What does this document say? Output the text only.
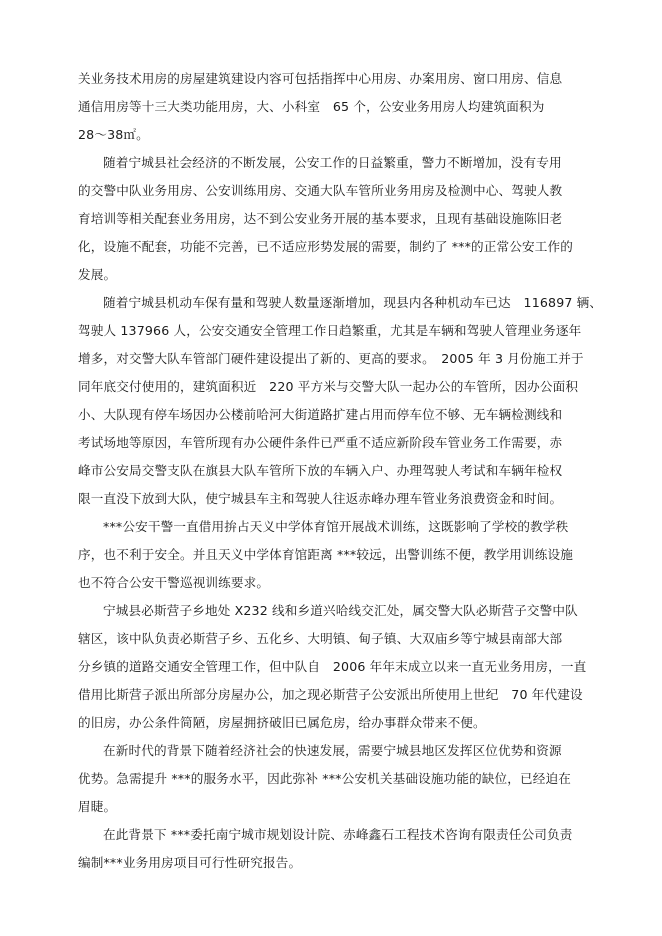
关业务技术用房的房屋建筑建设内容可包括指挥中心用房、办案用房、窗口用房、信息
通信用房等十三大类功能用房，大、小科室　65 个，公安业务用房人均建筑面积为
28～38㎡。
随着宁城县社会经济的不断发展，公安工作的日益繁重，警力不断增加，没有专用
的交警中队业务用房、公安训练用房、交通大队车管所业务用房及检测中心、驾驶人教
育培训等相关配套业务用房，达不到公安业务开展的基本要求，且现有基础设施陈旧老
化，设施不配套，功能不完善，已不适应形势发展的需要，制约了 ***的正常公安工作的
发展。
随着宁城县机动车保有量和驾驶人数量逐渐增加，现县内各种机动车已达　116897 辆、
驾驶人 137966 人，公安交通安全管理工作日趋繁重，尤其是车辆和驾驶人管理业务逐年
增多，对交警大队车管部门硬件建设提出了新的、更高的要求。　2005 年 3 月份施工并于
同年底交付使用的，建筑面积近　220 平方米与交警大队一起办公的车管所，因办公面积
小、大队现有停车场因办公楼前哈河大街道路扩建占用而停车位不够、无车辆检测线和
考试场地等原因，车管所现有办公硬件条件已严重不适应新阶段车管业务工作需要，赤
峰市公安局交警支队在旗县大队车管所下放的车辆入户、办理驾驶人考试和车辆年检权
限一直没下放到大队，使宁城县车主和驾驶人往返赤峰办理车管业务浪费资金和时间。
***公安干警一直借用拚占天义中学体育馆开展战术训练，这既影响了学校的教学秩
序，也不利于安全。并且天义中学体育馆距离 ***较远，出警训练不便，教学用训练设施
也不符合公安干警巡视训练要求。
宁城县必斯营子乡地处 X232 线和乡道兴哈线交汇处，属交警大队必斯营子交警中队
辖区，该中队负责必斯营子乡、五化乡、大明镇、甸子镇、大双庙乡等宁城县南部大部
分乡镇的道路交通安全管理工作，但中队自　2006 年年末成立以来一直无业务用房，一直
借用比斯营子派出所部分房屋办公，加之现必斯营子公安派出所使用上世纪　70 年代建设
的旧房，办公条件简陋，房屋拥挤破旧已属危房，给办事群众带来不便。
在新时代的背景下随着经济社会的快速发展，需要宁城县地区发挥区位优势和资源
优势。急需提升 ***的服务水平，因此弥补 ***公安机关基础设施功能的缺位，已经迫在
眉睫。
在此背景下 ***委托南宁城市规划设计院、赤峰鑫石工程技术咨询有限责任公司负责
编制***业务用房项目可行性研究报告。
